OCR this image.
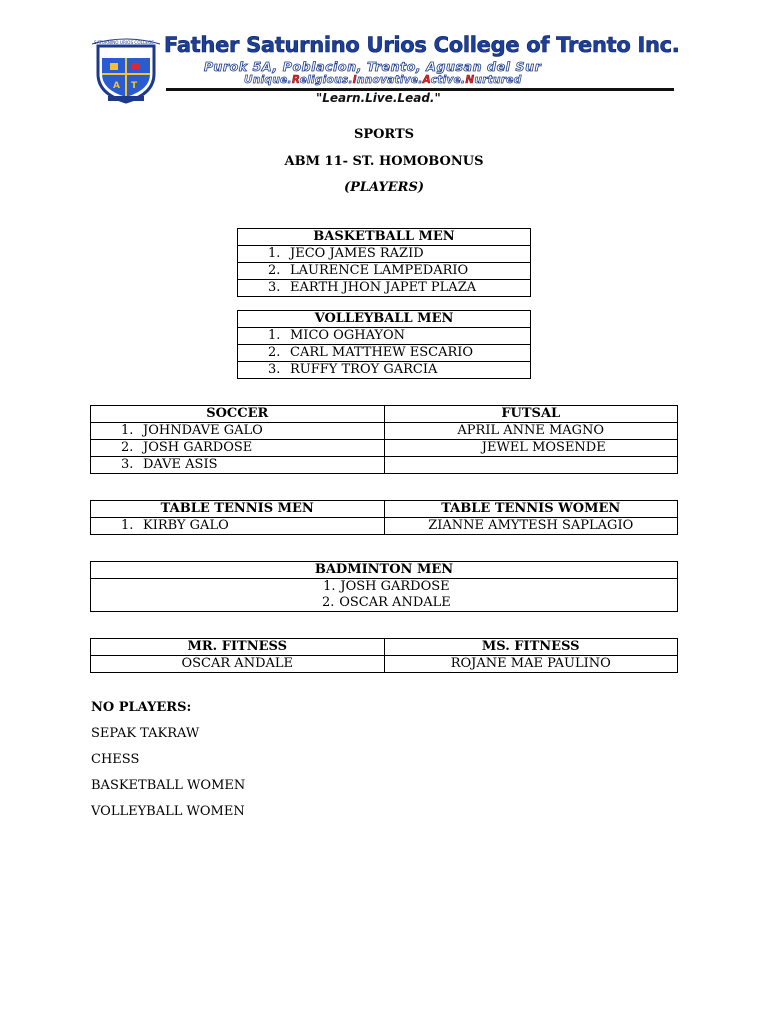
A T
SATURNINO URIOS COLLEGE Father Saturnino Urios College of Trento Inc.
Purok 5A, Poblacion, Trento, Agusan del Sur
Unique.Religious.Innovative.Active.Nurtured
"Learn.Live.Lead."
SPORTS
ABM 11- ST. HOMOBONUS
(PLAYERS)
BASKETBALL MEN
1. JECO JAMES RAZID
2. LAURENCE LAMPEDARIO
3. EARTH JHON JAPET PLAZA
VOLLEYBALL MEN
1. MICO OGHAYON
2. CARL MATTHEW ESCARIO
3. RUFFY TROY GARCIA
SOCCER	FUTSAL
1. JOHNDAVE GALO	APRIL ANNE MAGNO
2. JOSH GARDOSE	JEWEL MOSENDE
3. DAVE ASIS	
TABLE TENNIS MEN	TABLE TENNIS WOMEN
1. KIRBY GALO	ZIANNE AMYTESH SAPLAGIO
BADMINTON MEN
1. JOSH GARDOSE
2. OSCAR ANDALE
MR. FITNESS	MS. FITNESS
OSCAR ANDALE	ROJANE MAE PAULINO
NO PLAYERS:
SEPAK TAKRAW
CHESS
BASKETBALL WOMEN
VOLLEYBALL WOMEN
